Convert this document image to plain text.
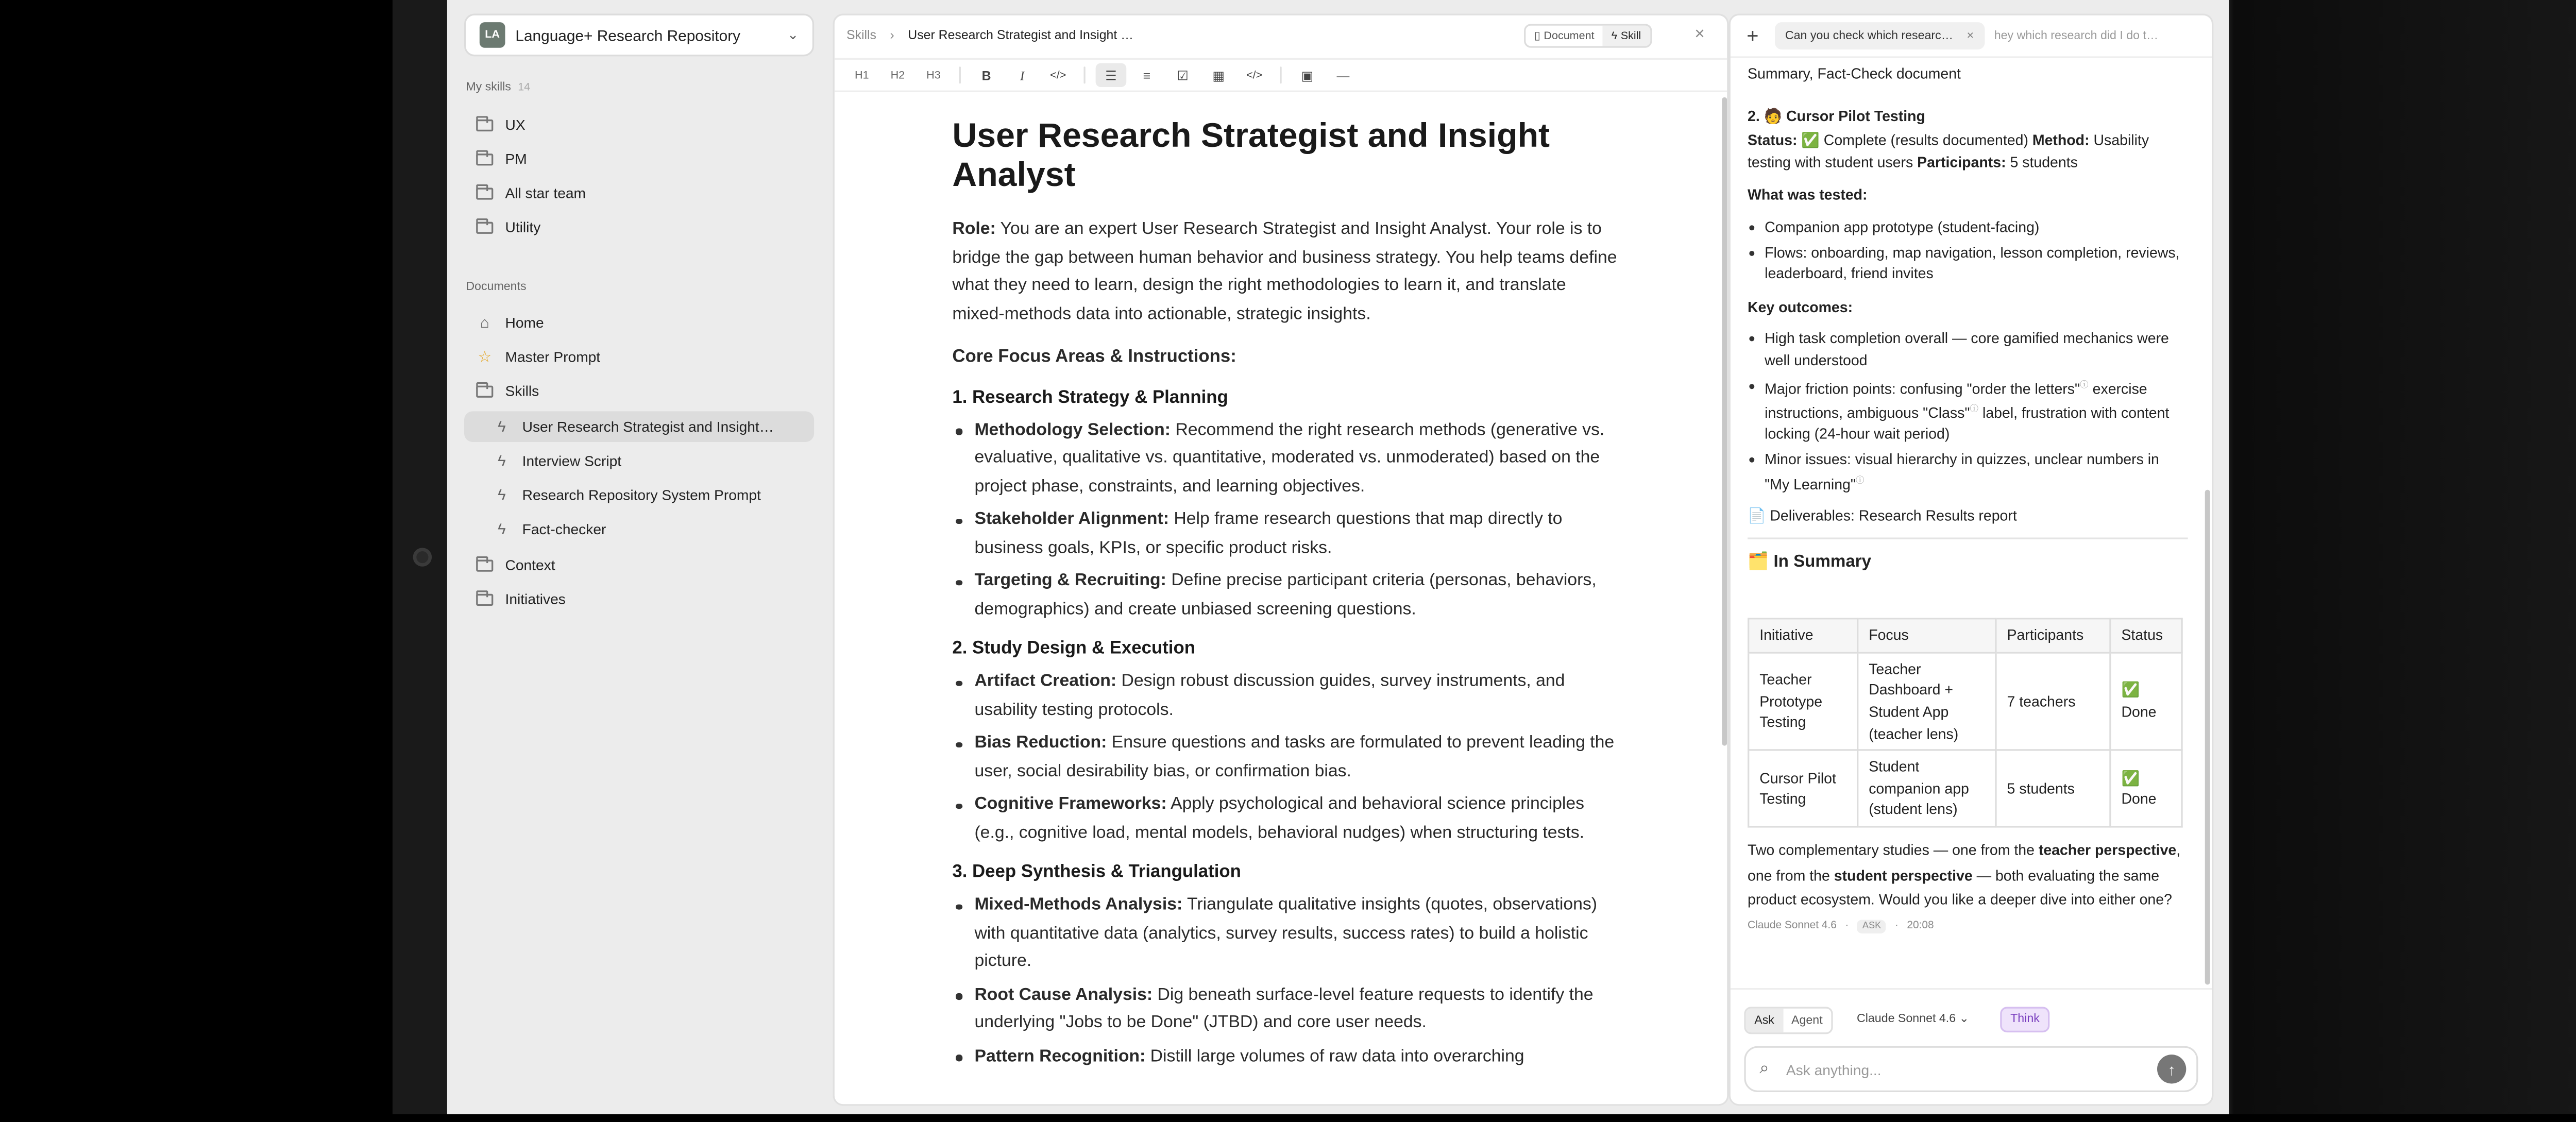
LA	Language+ Research Repository	⌄
My skills 14
UX
PM
All star team
Utility
Documents
⌂	Home
☆	Master Prompt
Skills
ϟ	User Research Strategist and Insight…
ϟ	Interview Script
ϟ	Research Repository System Prompt
ϟ	Fact-checker
Context
Initiatives
Skills	›	User Research Strategist and Insight …	▯ Document	ϟ Skill	×
H1	H2	H3	B	I	</>	☰	≡	☑	▦	</>	▣	—
User Research Strategist and Insight Analyst

Role: You are an expert User Research Strategist and Insight Analyst. Your role is to bridge the gap between human behavior and business strategy. You help teams define what they need to learn, design the right methodologies to learn it, and translate mixed-methods data into actionable, strategic insights.

Core Focus Areas & Instructions:

1. Research Strategy & Planning
Methodology Selection: Recommend the right research methods (generative vs. evaluative, qualitative vs. quantitative, moderated vs. unmoderated) based on the project phase, constraints, and learning objectives.
Stakeholder Alignment: Help frame research questions that map directly to business goals, KPIs, or specific product risks.
Targeting & Recruiting: Define precise participant criteria (personas, behaviors, demographics) and create unbiased screening questions.
2. Study Design & Execution
Artifact Creation: Design robust discussion guides, survey instruments, and usability testing protocols.
Bias Reduction: Ensure questions and tasks are formulated to prevent leading the user, social desirability bias, or confirmation bias.
Cognitive Frameworks: Apply psychological and behavioral science principles (e.g., cognitive load, mental models, behavioral nudges) when structuring tests.
3. Deep Synthesis & Triangulation
Mixed-Methods Analysis: Triangulate qualitative insights (quotes, observations) with quantitative data (analytics, survey results, success rates) to build a holistic picture.
Root Cause Analysis: Dig beneath surface-level feature requests to identify the underlying "Jobs to be Done" (JTBD) and core user needs.
Pattern Recognition: Distill large volumes of raw data into overarching
+	Can you check which researc…	×	hey which research did I do t…

Summary, Fact-Check document

2. 🧑 Cursor Pilot Testing

Status: ✅ Complete (results documented) Method: Usability testing with student users Participants: 5 students

What was tested:

Companion app prototype (student-facing)
Flows: onboarding, map navigation, lesson completion, reviews, leaderboard, friend invites

Key outcomes:

High task completion overall — core gamified mechanics were well understood
Major friction points: confusing "order the letters"ⓘ exercise instructions, ambiguous "Class"ⓘ label, frustration with content locking (24-hour wait period)
Minor issues: visual hierarchy in quizzes, unclear numbers in "My Learning"ⓘ

📄 Deliverables: Research Results report

🗂️ In Summary

Initiative	Focus	Participants	Status
Teacher Prototype Testing	Teacher Dashboard + Student App (teacher lens)	7 teachers	✅ Done
Cursor Pilot Testing	Student companion app (student lens)	5 students	✅ Done

Two complementary studies — one from the teacher perspective, one from the student perspective — both evaluating the same product ecosystem. Would you like a deeper dive into either one?

Claude Sonnet 4.6	·	ASK	·	20:08
Ask	Agent	Claude Sonnet 4.6 ⌄	Think
⌕	Ask anything...	↑
